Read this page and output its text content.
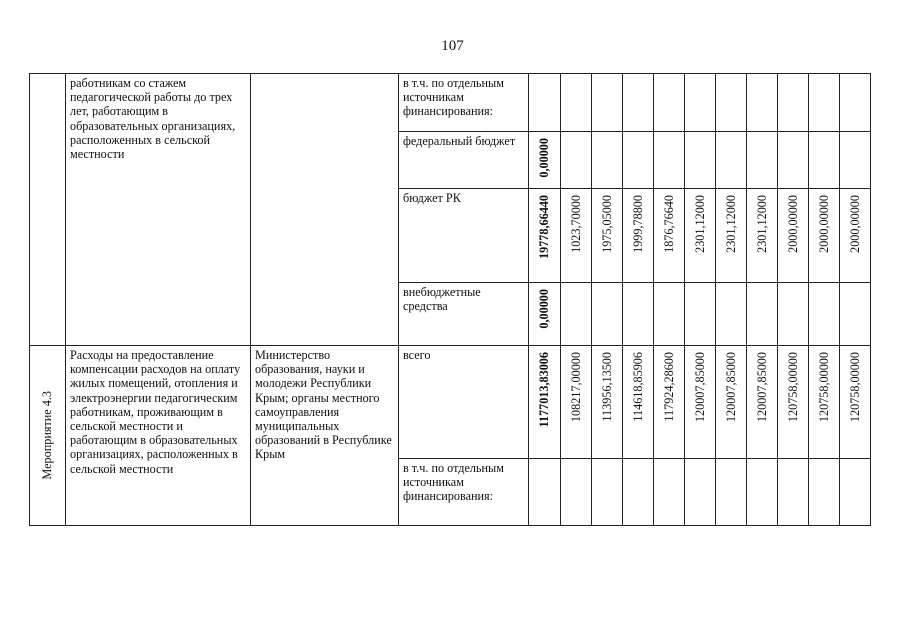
107

	работникам со стажем педагогической работы до трех лет, работающим в образовательных организациях, расположенных в сельской местности		в т.ч. по отдельным источникам финансирования:											

			федеральный бюджет	0,00000										

			бюджет РК	19778,66440	1023,70000	1975,05000	1999,78800	1876,76640	2301,12000	2301,12000	2301,12000	2000,00000	2000,00000	2000,00000

			внебюджетные средства	0,00000										

Мероприятие 4.3	Расходы на предоставление компенсации расходов на оплату жилых помещений, отопления и электроэнергии педагогическим работникам, проживающим в сельской местности и работающим в образовательных организациях, расположенных в сельской местности	Министерство образования, науки и молодежи Республики Крым; органы местного самоуправления муниципальных образований в Республике Крым	всего	1177013,83006	108217,00000	113956,13500	114618,85906	117924,28600	120007,85000	120007,85000	120007,85000	120758,00000	120758,00000	120758,00000

			в т.ч. по отдельным источникам финансирования:											
